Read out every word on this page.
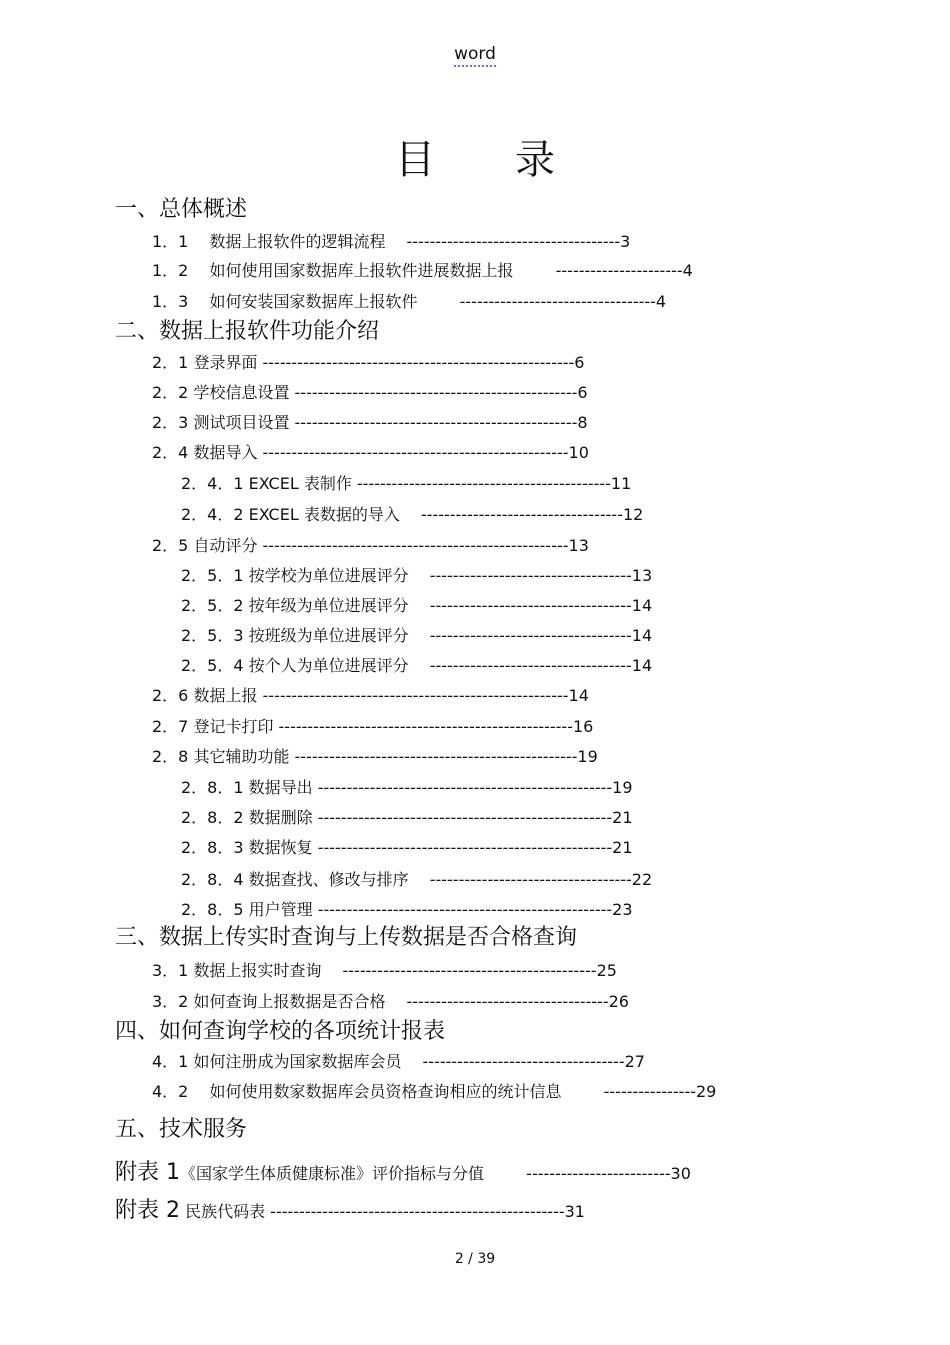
word
目录
一、总体概述
1．1　 数据上报软件的逻辑流程　 -------------------------------------3
1．2　 如何使用国家数据库上报软件进展数据上报　 　 ----------------------4
1．3　 如何安装国家数据库上报软件　 　 ----------------------------------4
二、数据上报软件功能介绍
2．1 登录界面 ------------------------------------------------------6
2．2 学校信息设置 -------------------------------------------------6
2．3 测试项目设置 -------------------------------------------------8
2．4 数据导入 -----------------------------------------------------10
2．4．1 EXCEL 表制作 --------------------------------------------11
2．4．2 EXCEL 表数据的导入 　-----------------------------------12
2．5 自动评分 -----------------------------------------------------13
2．5．1 按学校为单位进展评分 　-----------------------------------13
2．5．2 按年级为单位进展评分 　-----------------------------------14
2．5．3 按班级为单位进展评分 　-----------------------------------14
2．5．4 按个人为单位进展评分 　-----------------------------------14
2．6 数据上报 -----------------------------------------------------14
2．7 登记卡打印 ---------------------------------------------------16
2．8 其它辅助功能 -------------------------------------------------19
2．8．1 数据导出 ---------------------------------------------------19
2．8．2 数据删除 ---------------------------------------------------21
2．8．3 数据恢复 ---------------------------------------------------21
2．8．4 数据查找、修改与排序 　-----------------------------------22
2．8．5 用户管理 ---------------------------------------------------23
三、数据上传实时查询与上传数据是否合格查询
3．1 数据上报实时查询 　--------------------------------------------25
3．2 如何查询上报数据是否合格 　-----------------------------------26
四、如何查询学校的各项统计报表
4．1 如何注册成为国家数据库会员 　-----------------------------------27
4．2　 如何使用数家数据库会员资格查询相应的统计信息　 　 ----------------29
五、技术服务
附表 1《国家学生体质健康标准》评价指标与分值　 　 -------------------------30
附表 2 民族代码表 ---------------------------------------------------31
2 / 39
